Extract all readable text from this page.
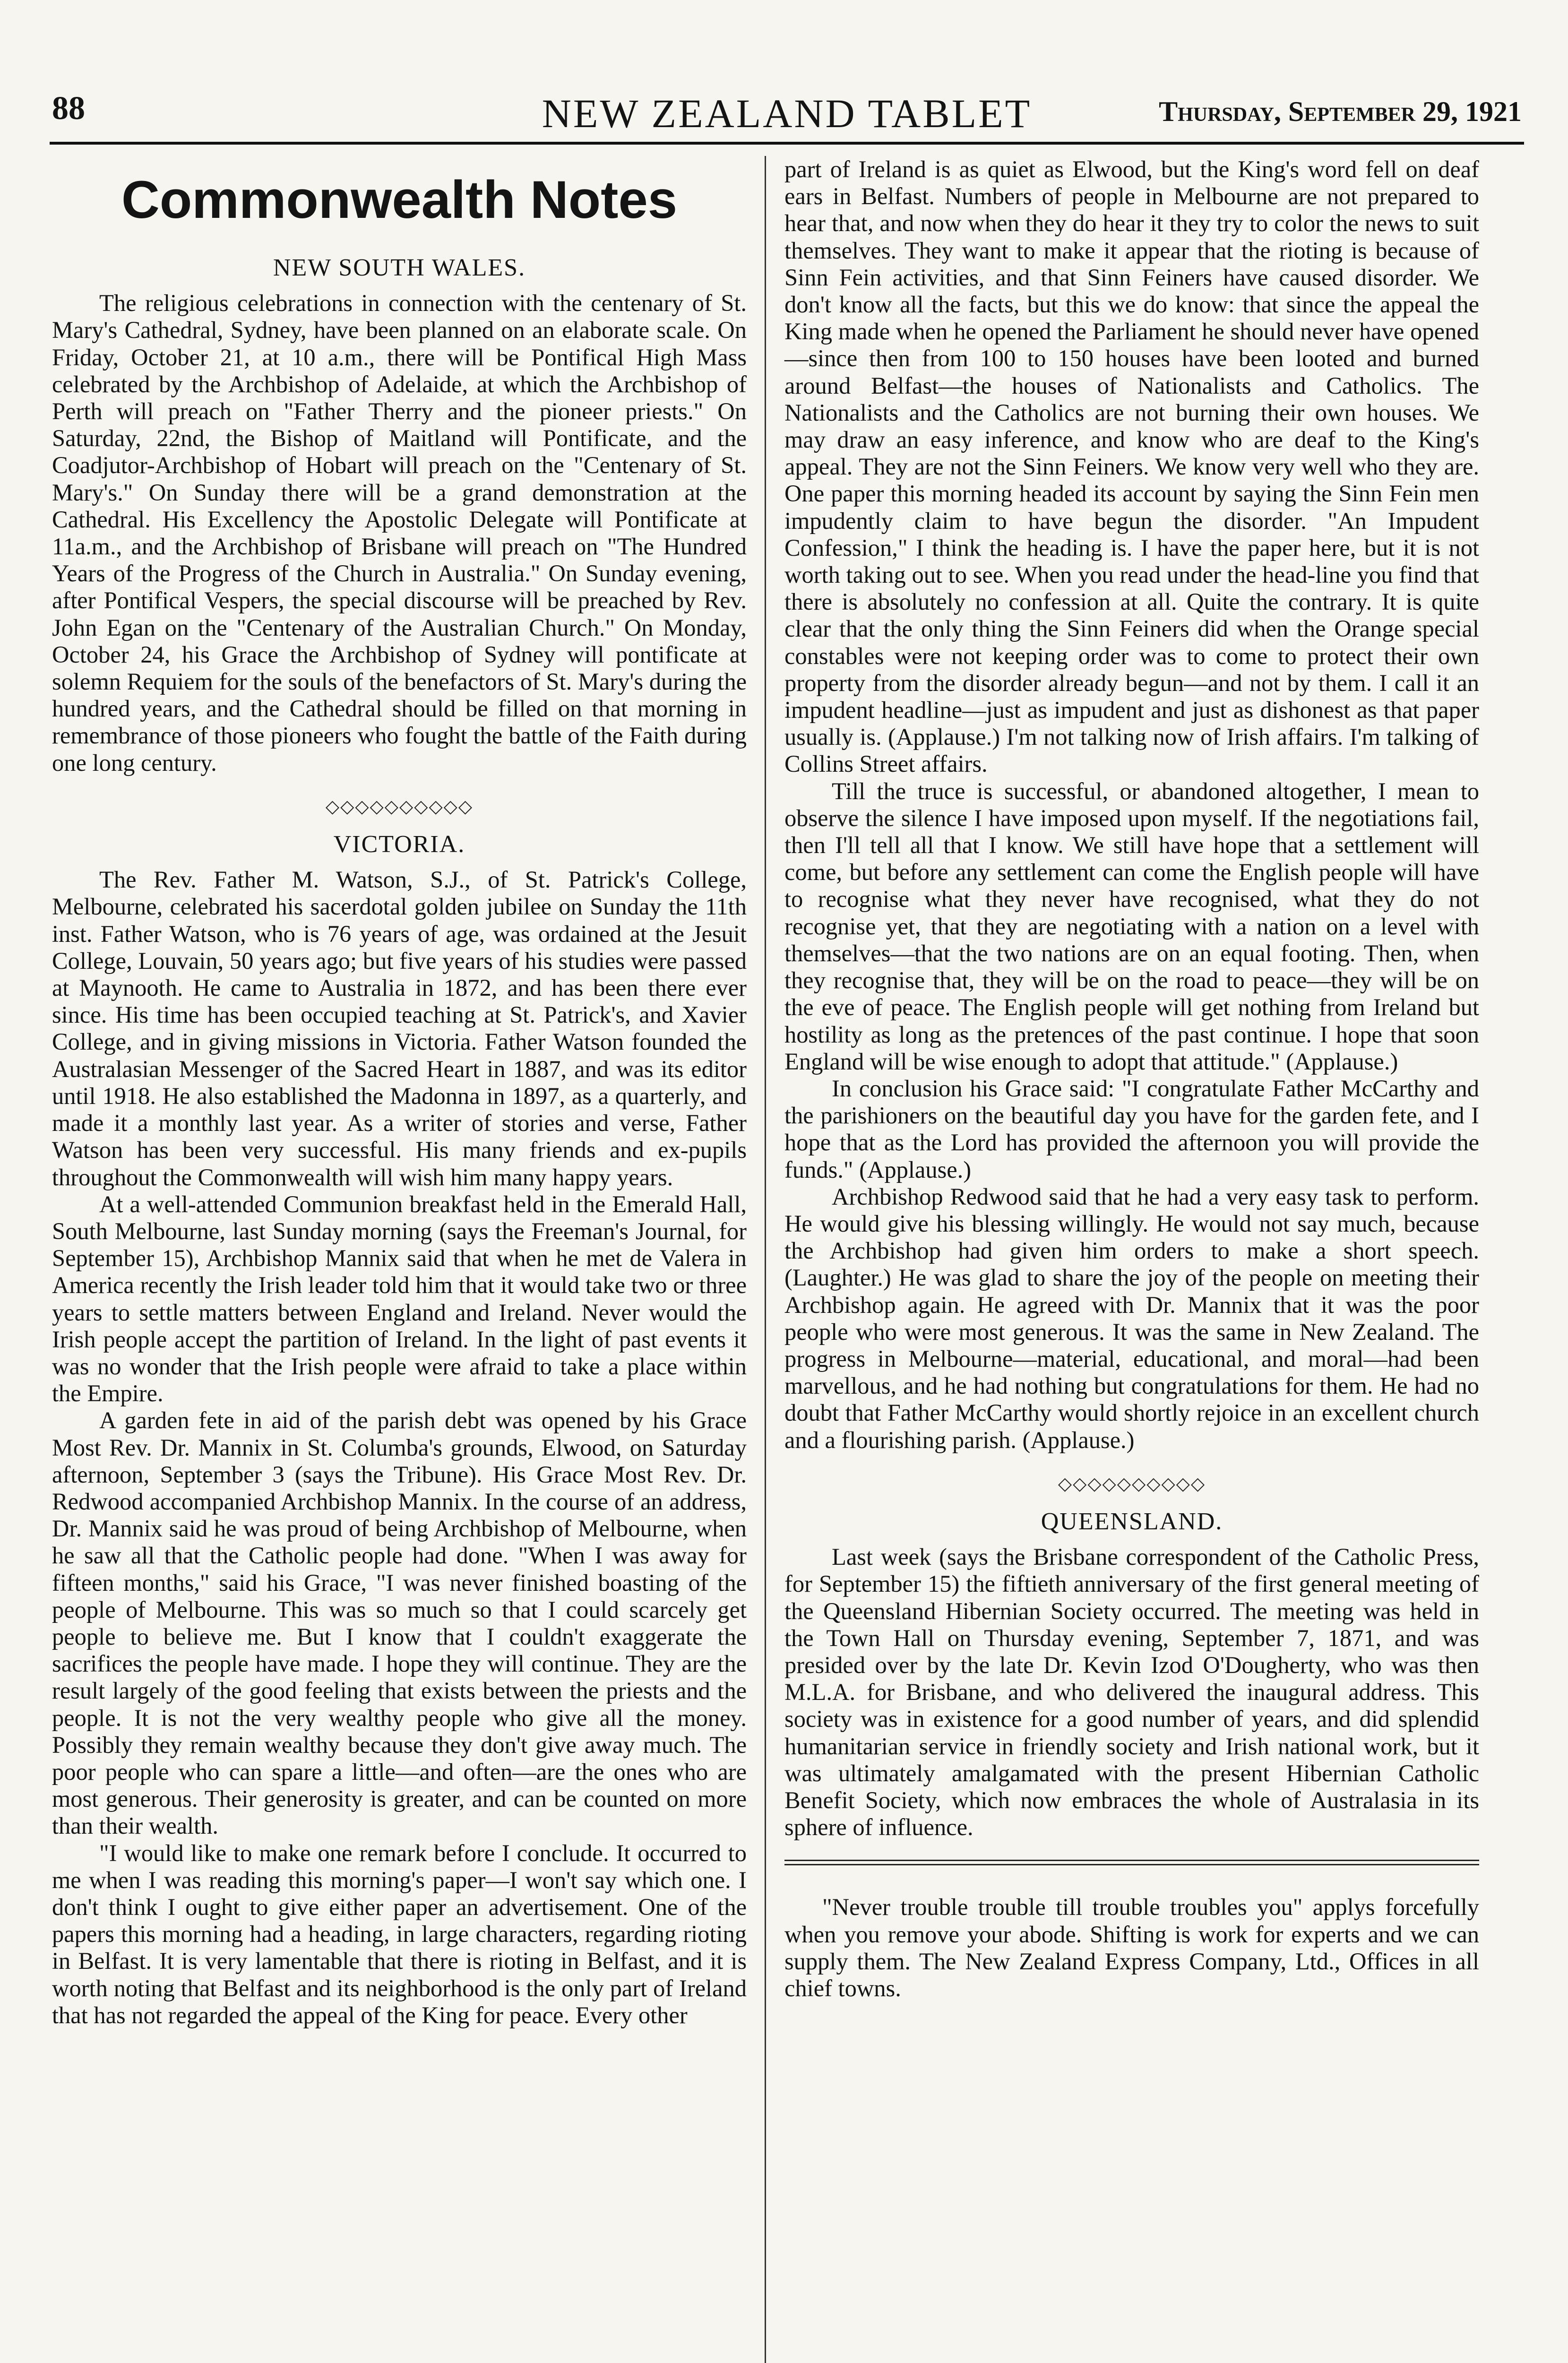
88	NEW ZEALAND TABLET	Thursday, September 29, 1921
Commonwealth Notes
NEW SOUTH WALES.

The religious celebrations in connection with the centenary of St. Mary's Cathedral, Sydney, have been planned on an elaborate scale. On Friday, October 21, at 10 a.m., there will be Pontifical High Mass celebrated by the Archbishop of Adelaide, at which the Archbishop of Perth will preach on "Father Therry and the pioneer priests." On Saturday, 22nd, the Bishop of Maitland will Pontificate, and the Coadjutor-Archbishop of Hobart will preach on the "Centenary of St. Mary's." On Sunday there will be a grand demonstration at the Cathedral. His Excellency the Apostolic Delegate will Pontificate at 11a.m., and the Archbishop of Brisbane will preach on "The Hundred Years of the Progress of the Church in Australia." On Sunday evening, after Pontifical Vespers, the special discourse will be preached by Rev. John Egan on the "Centenary of the Australian Church." On Monday, October 24, his Grace the Archbishop of Sydney will pontificate at solemn Requiem for the souls of the benefactors of St. Mary's during the hundred years, and the Cathedral should be filled on that morning in remembrance of those pioneers who fought the battle of the Faith during one long century.

◇◇◇◇◇◇◇◇◇◇
VICTORIA.

The Rev. Father M. Watson, S.J., of St. Patrick's College, Melbourne, celebrated his sacerdotal golden jubilee on Sunday the 11th inst. Father Watson, who is 76 years of age, was ordained at the Jesuit College, Louvain, 50 years ago; but five years of his studies were passed at Maynooth. He came to Australia in 1872, and has been there ever since. His time has been occupied teaching at St. Patrick's, and Xavier College, and in giving missions in Victoria. Father Watson founded the Australasian Messenger of the Sacred Heart in 1887, and was its editor until 1918. He also established the Madonna in 1897, as a quarterly, and made it a monthly last year. As a writer of stories and verse, Father Watson has been very successful. His many friends and ex-pupils throughout the Commonwealth will wish him many happy years.

At a well-attended Communion breakfast held in the Emerald Hall, South Melbourne, last Sunday morning (says the Freeman's Journal, for September 15), Archbishop Mannix said that when he met de Valera in America recently the Irish leader told him that it would take two or three years to settle matters between England and Ireland. Never would the Irish people accept the partition of Ireland. In the light of past events it was no wonder that the Irish people were afraid to take a place within the Empire.

A garden fete in aid of the parish debt was opened by his Grace Most Rev. Dr. Mannix in St. Columba's grounds, Elwood, on Saturday afternoon, September 3 (says the Tribune). His Grace Most Rev. Dr. Redwood accompanied Archbishop Mannix. In the course of an address, Dr. Mannix said he was proud of being Archbishop of Melbourne, when he saw all that the Catholic people had done. "When I was away for fifteen months," said his Grace, "I was never finished boasting of the people of Melbourne. This was so much so that I could scarcely get people to believe me. But I know that I couldn't exaggerate the sacrifices the people have made. I hope they will continue. They are the result largely of the good feeling that exists between the priests and the people. It is not the very wealthy people who give all the money. Possibly they remain wealthy because they don't give away much. The poor people who can spare a little—and often—are the ones who are most generous. Their generosity is greater, and can be counted on more than their wealth.

"I would like to make one remark before I conclude. It occurred to me when I was reading this morning's paper—I won't say which one. I don't think I ought to give either paper an advertisement. One of the papers this morning had a heading, in large characters, regarding rioting in Belfast. It is very lamentable that there is rioting in Belfast, and it is worth noting that Belfast and its neighborhood is the only part of Ireland that has not regarded the appeal of the King for peace. Every other

part of Ireland is as quiet as Elwood, but the King's word fell on deaf ears in Belfast. Numbers of people in Melbourne are not prepared to hear that, and now when they do hear it they try to color the news to suit themselves. They want to make it appear that the rioting is because of Sinn Fein activities, and that Sinn Feiners have caused disorder. We don't know all the facts, but this we do know: that since the appeal the King made when he opened the Parliament he should never have opened—since then from 100 to 150 houses have been looted and burned around Belfast—the houses of Nationalists and Catholics. The Nationalists and the Catholics are not burning their own houses. We may draw an easy inference, and know who are deaf to the King's appeal. They are not the Sinn Feiners. We know very well who they are. One paper this morning headed its account by saying the Sinn Fein men impudently claim to have begun the disorder. "An Impudent Confession," I think the heading is. I have the paper here, but it is not worth taking out to see. When you read under the head-line you find that there is absolutely no confession at all. Quite the contrary. It is quite clear that the only thing the Sinn Feiners did when the Orange special constables were not keeping order was to come to protect their own property from the disorder already begun—and not by them. I call it an impudent headline—just as impudent and just as dishonest as that paper usually is. (Applause.) I'm not talking now of Irish affairs. I'm talking of Collins Street affairs.

Till the truce is successful, or abandoned altogether, I mean to observe the silence I have imposed upon myself. If the negotiations fail, then I'll tell all that I know. We still have hope that a settlement will come, but before any settlement can come the English people will have to recognise what they never have recognised, what they do not recognise yet, that they are negotiating with a nation on a level with themselves—that the two nations are on an equal footing. Then, when they recognise that, they will be on the road to peace—they will be on the eve of peace. The English people will get nothing from Ireland but hostility as long as the pretences of the past continue. I hope that soon England will be wise enough to adopt that attitude." (Applause.)

In conclusion his Grace said: "I congratulate Father McCarthy and the parishioners on the beautiful day you have for the garden fete, and I hope that as the Lord has provided the afternoon you will provide the funds." (Applause.)

Archbishop Redwood said that he had a very easy task to perform. He would give his blessing willingly. He would not say much, because the Archbishop had given him orders to make a short speech. (Laughter.) He was glad to share the joy of the people on meeting their Archbishop again. He agreed with Dr. Mannix that it was the poor people who were most generous. It was the same in New Zealand. The progress in Melbourne—material, educational, and moral—had been marvellous, and he had nothing but congratulations for them. He had no doubt that Father McCarthy would shortly rejoice in an excellent church and a flourishing parish. (Applause.)

◇◇◇◇◇◇◇◇◇◇
QUEENSLAND.

Last week (says the Brisbane correspondent of the Catholic Press, for September 15) the fiftieth anniversary of the first general meeting of the Queensland Hibernian Society occurred. The meeting was held in the Town Hall on Thursday evening, September 7, 1871, and was presided over by the late Dr. Kevin Izod O'Dougherty, who was then M.L.A. for Brisbane, and who delivered the inaugural address. This society was in existence for a good number of years, and did splendid humanitarian service in friendly society and Irish national work, but it was ultimately amalgamated with the present Hibernian Catholic Benefit Society, which now embraces the whole of Australasia in its sphere of influence.

"Never trouble trouble till trouble troubles you" applys forcefully when you remove your abode. Shifting is work for experts and we can supply them. The New Zealand Express Company, Ltd., Offices in all chief towns.
